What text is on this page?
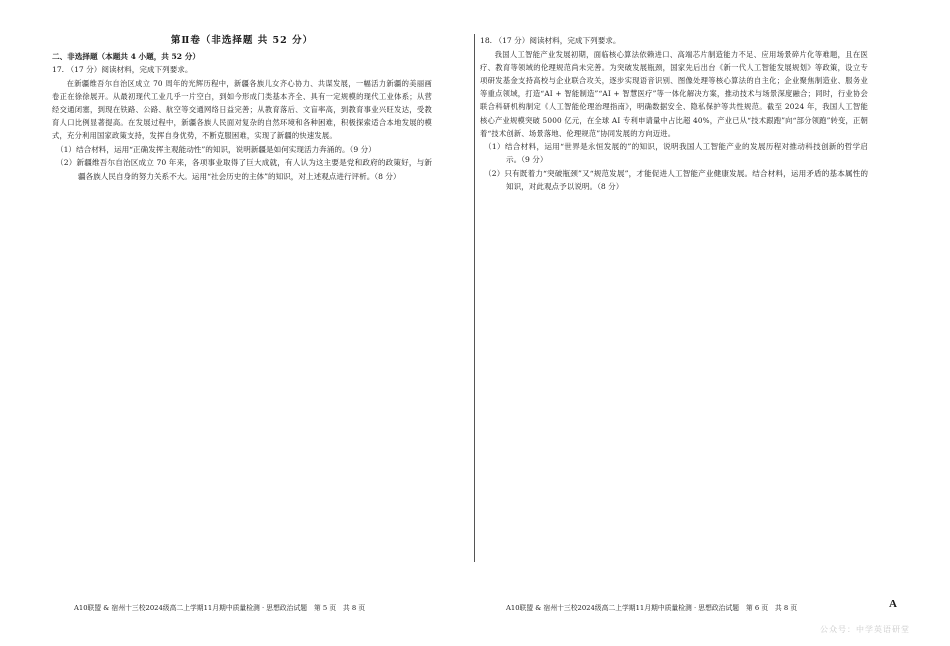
第Ⅱ卷（非选择题 共 52 分）

二、非选择题（本题共 4 小题，共 52 分）

17. （17 分）阅读材料，完成下列要求。

在新疆维吾尔自治区成立 70 周年的光辉历程中，新疆各族儿女齐心协力、共谋发展，一幅活力新疆的美丽画卷正在徐徐展开。从最初现代工业几乎一片空白，到如今形成门类基本齐全、具有一定规模的现代工业体系；从营经交通闭塞，到现在铁路、公路、航空等交通网络日益完善；从教育落后、文盲率高，到教育事业兴旺发达，受教育人口比例显著提高。在发展过程中，新疆各族人民面对复杂的自然环境和各种困难，积极探索适合本地发展的模式，充分利用国家政策支持，发挥自身优势，不断克服困难，实现了新疆的快速发展。

（1）结合材料，运用“正确发挥主观能动性”的知识，说明新疆是如何实现活力奔涌的。（9 分）

（2）新疆维吾尔自治区成立 70 年来，各项事业取得了巨大成就，有人认为这主要是党和政府的政策好，与新疆各族人民自身的努力关系不大。运用“社会历史的主体”的知识，对上述观点进行评析。（8 分）

A10联盟 & 宿州十三校2024级高二上学期11月期中质量检测 · 思想政治试题　第 5 页　共 8 页

18. （17 分）阅读材料，完成下列要求。

我国人工智能产业发展初期，面临核心算法依赖进口、高端芯片制造能力不足、应用场景碎片化等难题，且在医疗、教育等领域的伦理规范尚未完善。为突破发展瓶颈，国家先后出台《新一代人工智能发展规划》等政策，设立专项研发基金支持高校与企业联合攻关，逐步实现语音识别、图像处理等核心算法的自主化；企业聚焦制造业、服务业等重点领域，打造“AI + 智能制造”“AI + 智慧医疗”等一体化解决方案，推动技术与场景深度融合；同时，行业协会联合科研机构制定《人工智能伦理治理指南》，明确数据安全、隐私保护等共性规范。截至 2024 年，我国人工智能核心产业规模突破 5000 亿元，在全球 AI 专利申请量中占比超 40%，产业已从“技术跟跑”向“部分领跑”转变，正朝着“技术创新、场景落地、伦理规范”协同发展的方向迈进。

（1）结合材料，运用“世界是永恒发展的”的知识，说明我国人工智能产业的发展历程对推动科技创新的哲学启示。（9 分）

（2）只有既着力“突破瓶颈”又“规范发展”，才能促进人工智能产业健康发展。结合材料，运用矛盾的基本属性的知识，对此观点予以说明。（8 分）

A10联盟 & 宿州十三校2024级高二上学期11月期中质量检测 · 思想政治试题　第 6 页　共 8 页	A
公众号：中学英语研堂
